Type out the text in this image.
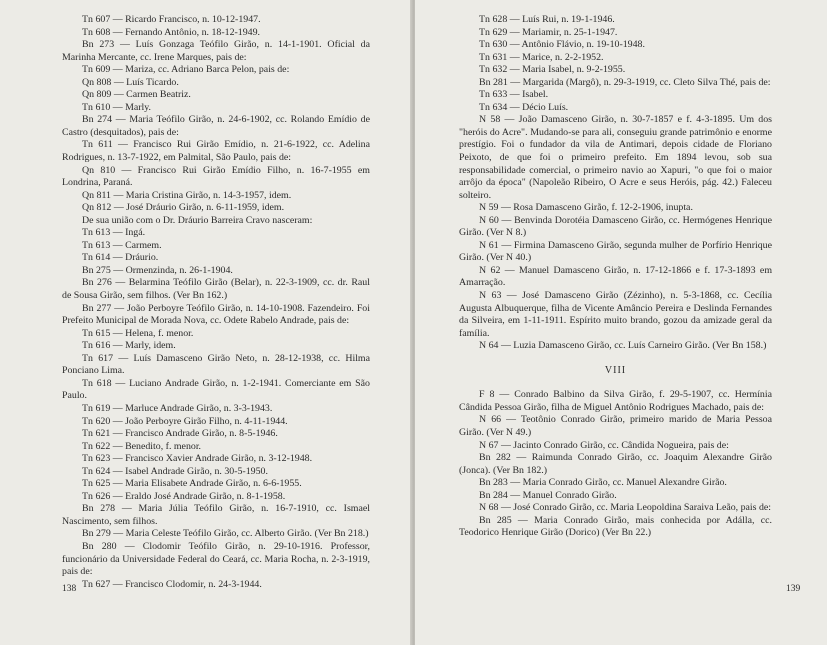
Tn 607 — Ricardo Francisco, n. 10-12-1947.

Tn 608 — Fernando Antônio, n. 18-12-1949.

Bn 273 — Luís Gonzaga Teófilo Girão, n. 14-1-1901. Oficial da Marinha Mercante, cc. Irene Marques, pais de:

Tn 609 — Mariza, cc. Adriano Barca Pelon, pais de:

Qn 808 — Luís Ticardo.

Qn 809 — Carmen Beatriz.

Tn 610 — Marly.

Bn 274 — Maria Teófilo Girão, n. 24-6-1902, cc. Rolando Emídio de Castro (desquitados), pais de:

Tn 611 — Francisco Rui Girão Emídio, n. 21-6-1922, cc. Adelina Rodrigues, n. 13-7-1922, em Palmital, São Paulo, pais de:

Qn 810 — Francisco Rui Girão Emídio Filho, n. 16-7-1955 em Londrina, Paraná.

Qn 811 — Maria Cristina Girão, n. 14-3-1957, idem.

Qn 812 — José Dráurio Girão, n. 6-11-1959, idem.

De sua união com o Dr. Dráurio Barreira Cravo nasceram:

Tn 613 — Ingá.

Tn 613 — Carmem.

Tn 614 — Dráurio.

Bn 275 — Ormenzinda, n. 26-1-1904.

Bn 276 — Belarmina Teófilo Girão (Belar), n. 22-3-1909, cc. dr. Raul de Sousa Girão, sem filhos. (Ver Bn 162.)

Bn 277 — João Perboyre Teófilo Girão, n. 14-10-1908. Fazendeiro. Foi Prefeito Municipal de Morada Nova, cc. Odete Rabelo Andrade, pais de:

Tn 615 — Helena, f. menor.

Tn 616 — Marly, idem.

Tn 617 — Luís Damasceno Girão Neto, n. 28-12-1938, cc. Hilma Ponciano Lima.

Tn 618 — Luciano Andrade Girão, n. 1-2-1941. Comerciante em São Paulo.

Tn 619 — Marluce Andrade Girão, n. 3-3-1943.

Tn 620 — João Perboyre Girão Filho, n. 4-11-1944.

Tn 621 — Francisco Andrade Girão, n. 8-5-1946.

Tn 622 — Benedito, f. menor.

Tn 623 — Francisco Xavier Andrade Girão, n. 3-12-1948.

Tn 624 — Isabel Andrade Girão, n. 30-5-1950.

Tn 625 — Maria Elisabete Andrade Girão, n. 6-6-1955.

Tn 626 — Eraldo José Andrade Girão, n. 8-1-1958.

Bn 278 — Maria Júlia Teófilo Girão, n. 16-7-1910, cc. Ismael Nascimento, sem filhos.

Bn 279 — Maria Celeste Teófilo Girão, cc. Alberto Girão. (Ver Bn 218.)

Bn 280 — Clodomir Teófilo Girão, n. 29-10-1916. Professor, funcionário da Universidade Federal do Ceará, cc. Maria Rocha, n. 2-3-1919, pais de:

Tn 627 — Francisco Clodomir, n. 24-3-1944.

138

Tn 628 — Luís Rui, n. 19-1-1946.

Tn 629 — Mariamir, n. 25-1-1947.

Tn 630 — Antônio Flávio, n. 19-10-1948.

Tn 631 — Marice, n. 2-2-1952.

Tn 632 — Maria Isabel, n. 9-2-1955.

Bn 281 — Margarida (Margô), n. 29-3-1919, cc. Cleto Silva Thé, pais de:

Tn 633 — Isabel.

Tn 634 — Décio Luís.

N 58 — João Damasceno Girão, n. 30-7-1857 e f. 4-3-1895. Um dos "heróis do Acre". Mudando-se para ali, conseguiu grande patrimônio e enorme prestígio. Foi o fundador da vila de Antimari, depois cidade de Floriano Peixoto, de que foi o primeiro prefeito. Em 1894 levou, sob sua responsabilidade comercial, o primeiro navio ao Xapuri, "o que foi o maior arrôjo da época" (Napoleão Ribeiro, O Acre e seus Heróis, pág. 42.) Faleceu solteiro.

N 59 — Rosa Damasceno Girão, f. 12-2-1906, inupta.

N 60 — Benvinda Dorotéia Damasceno Girão, cc. Hermógenes Henrique Girão. (Ver N 8.)

N 61 — Firmina Damasceno Girão, segunda mulher de Porfírio Henrique Girão. (Ver N 40.)

N 62 — Manuel Damasceno Girão, n. 17-12-1866 e f. 17-3-1893 em Amarração.

N 63 — José Damasceno Girão (Zézinho), n. 5-3-1868, cc. Cecília Augusta Albuquerque, filha de Vicente Amâncio Pereira e Deslinda Fernandes da Silveira, em 1-11-1911. Espírito muito brando, gozou da amizade geral da família.

N 64 — Luzia Damasceno Girão, cc. Luís Carneiro Girão. (Ver Bn 158.)

VIII

F 8 — Conrado Balbino da Silva Girão, f. 29-5-1907, cc. Hermínia Cândida Pessoa Girão, filha de Miguel Antônio Rodrigues Machado, pais de:

N 66 — Teotônio Conrado Girão, primeiro marido de Maria Pessoa Girão. (Ver N 49.)

N 67 — Jacinto Conrado Girão, cc. Cândida Nogueira, pais de:

Bn 282 — Raimunda Conrado Girão, cc. Joaquim Alexandre Girão (Jonca). (Ver Bn 182.)

Bn 283 — Maria Conrado Girão, cc. Manuel Alexandre Girão.

Bn 284 — Manuel Conrado Girão.

N 68 — José Conrado Girão, cc. Maria Leopoldina Saraiva Leão, pais de:

Bn 285 — Maria Conrado Girão, mais conhecida por Adálla, cc. Teodorico Henrique Girão (Dorico) (Ver Bn 22.)

139
